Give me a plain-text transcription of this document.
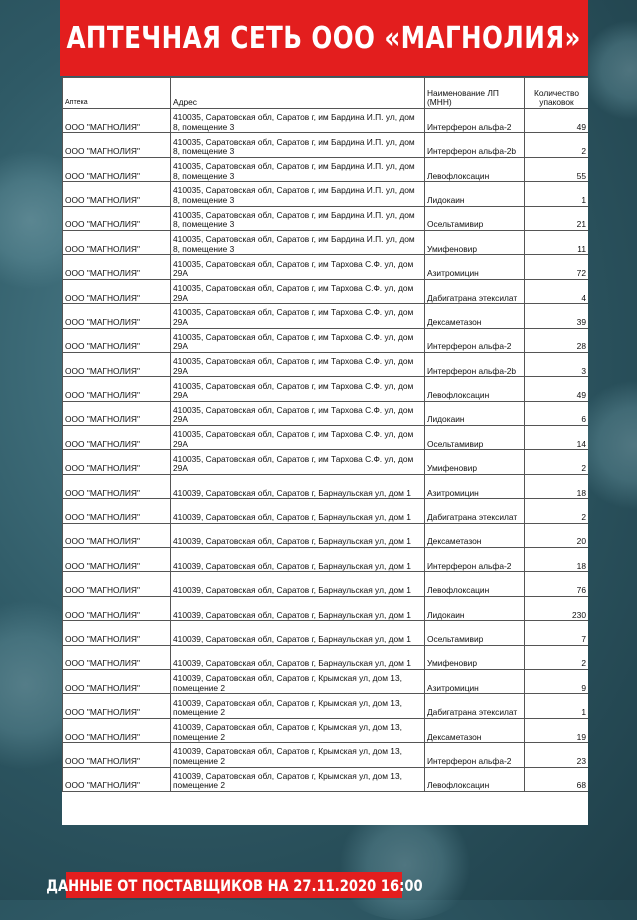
АПТЕЧНАЯ СЕТЬ ООО «МАГНОЛИЯ»
Аптека	Адрес	Наименование ЛП (МНН)	Количество упаковок
ООО "МАГНОЛИЯ"	410035, Саратовская обл, Саратов г, им Бардина И.П. ул, дом 8, помещение 3	Интерферон альфа-2	49
ООО "МАГНОЛИЯ"	410035, Саратовская обл, Саратов г, им Бардина И.П. ул, дом 8, помещение 3	Интерферон альфа-2b	2
ООО "МАГНОЛИЯ"	410035, Саратовская обл, Саратов г, им Бардина И.П. ул, дом 8, помещение 3	Левофлоксацин	55
ООО "МАГНОЛИЯ"	410035, Саратовская обл, Саратов г, им Бардина И.П. ул, дом 8, помещение 3	Лидокаин	1
ООО "МАГНОЛИЯ"	410035, Саратовская обл, Саратов г, им Бардина И.П. ул, дом 8, помещение 3	Осельтамивир	21
ООО "МАГНОЛИЯ"	410035, Саратовская обл, Саратов г, им Бардина И.П. ул, дом 8, помещение 3	Умифеновир	11
ООО "МАГНОЛИЯ"	410035, Саратовская обл, Саратов г, им Тархова С.Ф. ул, дом 29А	Азитромицин	72
ООО "МАГНОЛИЯ"	410035, Саратовская обл, Саратов г, им Тархова С.Ф. ул, дом 29А	Дабигатрана этексилат	4
ООО "МАГНОЛИЯ"	410035, Саратовская обл, Саратов г, им Тархова С.Ф. ул, дом 29А	Дексаметазон	39
ООО "МАГНОЛИЯ"	410035, Саратовская обл, Саратов г, им Тархова С.Ф. ул, дом 29А	Интерферон альфа-2	28
ООО "МАГНОЛИЯ"	410035, Саратовская обл, Саратов г, им Тархова С.Ф. ул, дом 29А	Интерферон альфа-2b	3
ООО "МАГНОЛИЯ"	410035, Саратовская обл, Саратов г, им Тархова С.Ф. ул, дом 29А	Левофлоксацин	49
ООО "МАГНОЛИЯ"	410035, Саратовская обл, Саратов г, им Тархова С.Ф. ул, дом 29А	Лидокаин	6
ООО "МАГНОЛИЯ"	410035, Саратовская обл, Саратов г, им Тархова С.Ф. ул, дом 29А	Осельтамивир	14
ООО "МАГНОЛИЯ"	410035, Саратовская обл, Саратов г, им Тархова С.Ф. ул, дом 29А	Умифеновир	2
ООО "МАГНОЛИЯ"	410039, Саратовская обл, Саратов г, Барнаульская ул, дом 1	Азитромицин	18
ООО "МАГНОЛИЯ"	410039, Саратовская обл, Саратов г, Барнаульская ул, дом 1	Дабигатрана этексилат	2
ООО "МАГНОЛИЯ"	410039, Саратовская обл, Саратов г, Барнаульская ул, дом 1	Дексаметазон	20
ООО "МАГНОЛИЯ"	410039, Саратовская обл, Саратов г, Барнаульская ул, дом 1	Интерферон альфа-2	18
ООО "МАГНОЛИЯ"	410039, Саратовская обл, Саратов г, Барнаульская ул, дом 1	Левофлоксацин	76
ООО "МАГНОЛИЯ"	410039, Саратовская обл, Саратов г, Барнаульская ул, дом 1	Лидокаин	230
ООО "МАГНОЛИЯ"	410039, Саратовская обл, Саратов г, Барнаульская ул, дом 1	Осельтамивир	7
ООО "МАГНОЛИЯ"	410039, Саратовская обл, Саратов г, Барнаульская ул, дом 1	Умифеновир	2
ООО "МАГНОЛИЯ"	410039, Саратовская обл, Саратов г, Крымская ул, дом 13, помещение 2	Азитромицин	9
ООО "МАГНОЛИЯ"	410039, Саратовская обл, Саратов г, Крымская ул, дом 13, помещение 2	Дабигатрана этексилат	1
ООО "МАГНОЛИЯ"	410039, Саратовская обл, Саратов г, Крымская ул, дом 13, помещение 2	Дексаметазон	19
ООО "МАГНОЛИЯ"	410039, Саратовская обл, Саратов г, Крымская ул, дом 13, помещение 2	Интерферон альфа-2	23
ООО "МАГНОЛИЯ"	410039, Саратовская обл, Саратов г, Крымская ул, дом 13, помещение 2	Левофлоксацин	68
ДАННЫЕ ОТ ПОСТАВЩИКОВ НА 27.11.2020 16:00
